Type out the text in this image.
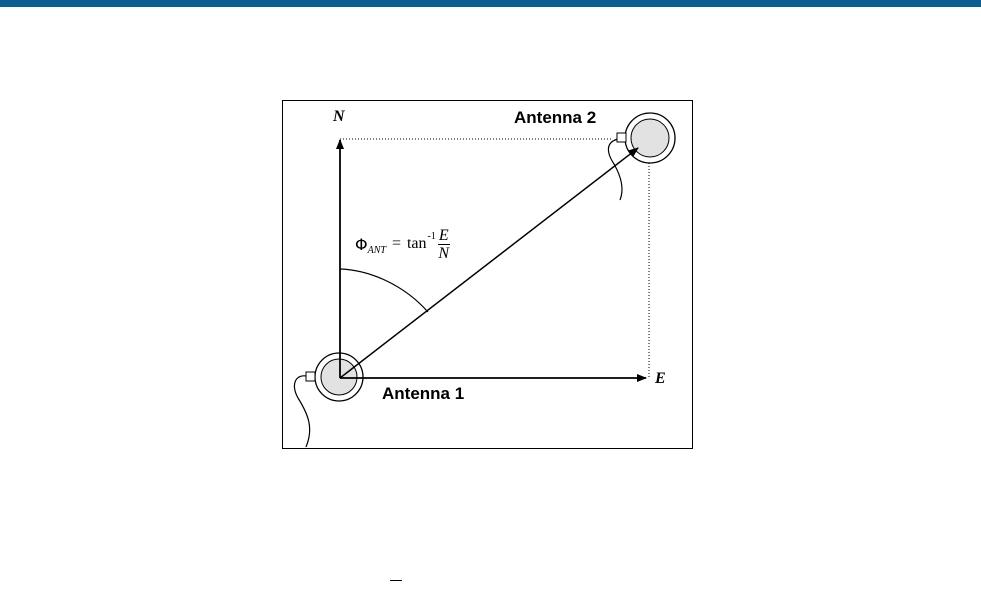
N
E
Antenna 2
Antenna 1
Φ ANT = $\tan -1 \frac{E}{N}$
